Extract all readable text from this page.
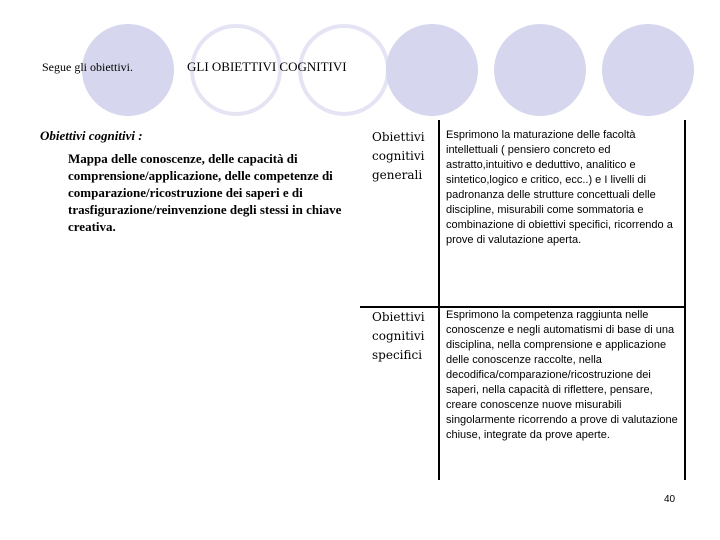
Segue gli obiettivi.	GLI OBIETTIVI COGNITIVI

Obiettivi cognitivi :

Mappa delle conoscenze, delle capacità di comprensione/applicazione, delle competenze di comparazione/ricostruzione dei saperi e di trasfigurazione/reinvenzione degli stessi in chiave creativa.

Obiettivi cognitivi generali
Esprimono la maturazione delle facoltà intellettuali ( pensiero concreto ed astratto,intuitivo e deduttivo, analitico e sintetico,logico e critico, ecc..) e I livelli di padronanza delle strutture concettuali delle discipline, misurabili come sommatoria e combinazione di obiettivi specifici, ricorrendo a prove di valutazione aperta.
Obiettivi cognitivi specifici
Esprimono la competenza raggiunta nelle conoscenze e negli automatismi di base di una disciplina, nella comprensione e applicazione delle conoscenze raccolte, nella decodifica/comparazione/ricostruzione dei saperi, nella capacità di riflettere, pensare, creare conoscenze nuove misurabili singolarmente ricorrendo a prove di valutazione chiuse, integrate da prove aperte.
40
